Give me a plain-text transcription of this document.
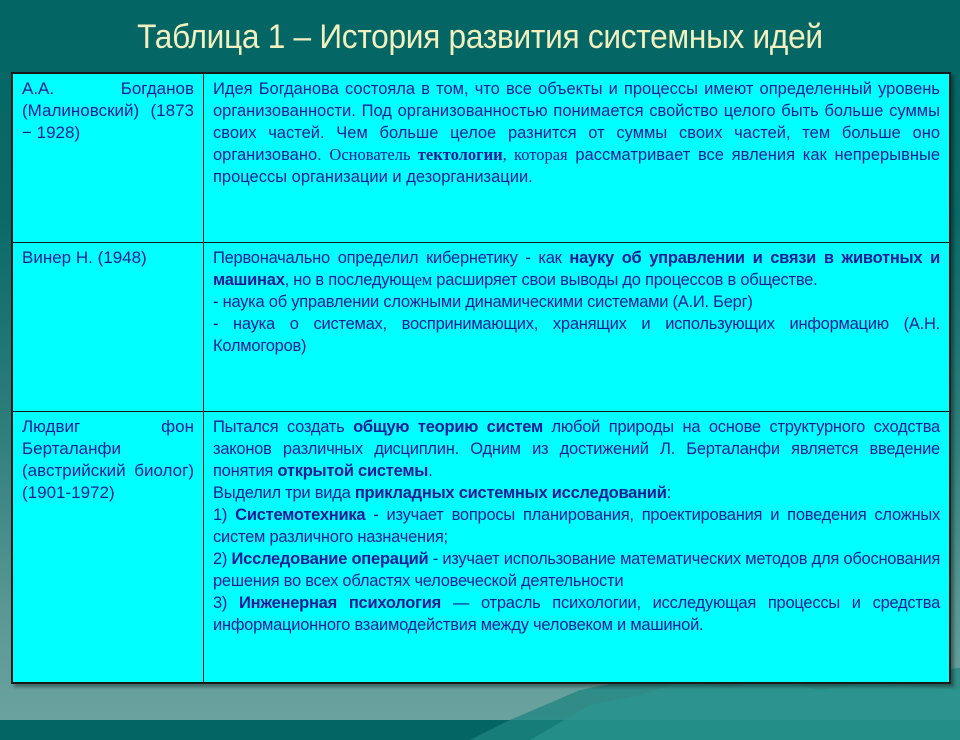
Таблица 1 – История развития системных идей
А.А. Богданов (Малиновский) (1873 − 1928)	Идея Богданова состояла в том, что все объекты и процессы имеют определенный уровень организованности. Под организованностью понимается свойство целого быть больше суммы своих частей. Чем больше целое разнится от суммы своих частей, тем больше оно организовано. Основатель тектологии, которая рассматривает все явления как непрерывные процессы организации и дезорганизации.

Винер Н. (1948)	Первоначально определил кибернетику - как науку об управлении и связи в животных и машинах, но в последующем расширяет свои выводы до процессов в обществе.

- наука об управлении сложными динамическими системами (А.И. Берг)

- наука о системах, воспринимающих, хранящих и использующих информацию (А.Н. Колмогоров)

Людвиг фон Берталанфи (австрийский биолог) (1901-1972)	Пытался создать общую теорию систем любой природы на основе структурного сходства законов различных дисциплин. Одним из достижений Л. Берталанфи является введение понятия открытой системы.

Выделил три вида прикладных системных исследований:

1) Системотехника - изучает вопросы планирования, проектирования и поведения сложных систем различного назначения;

2) Исследование операций - изучает использование математических методов для обоснования решения во всех областях человеческой деятельности

3) Инженерная психология — отрасль психологии, исследующая процессы и средства информационного взаимодействия между человеком и машиной.
